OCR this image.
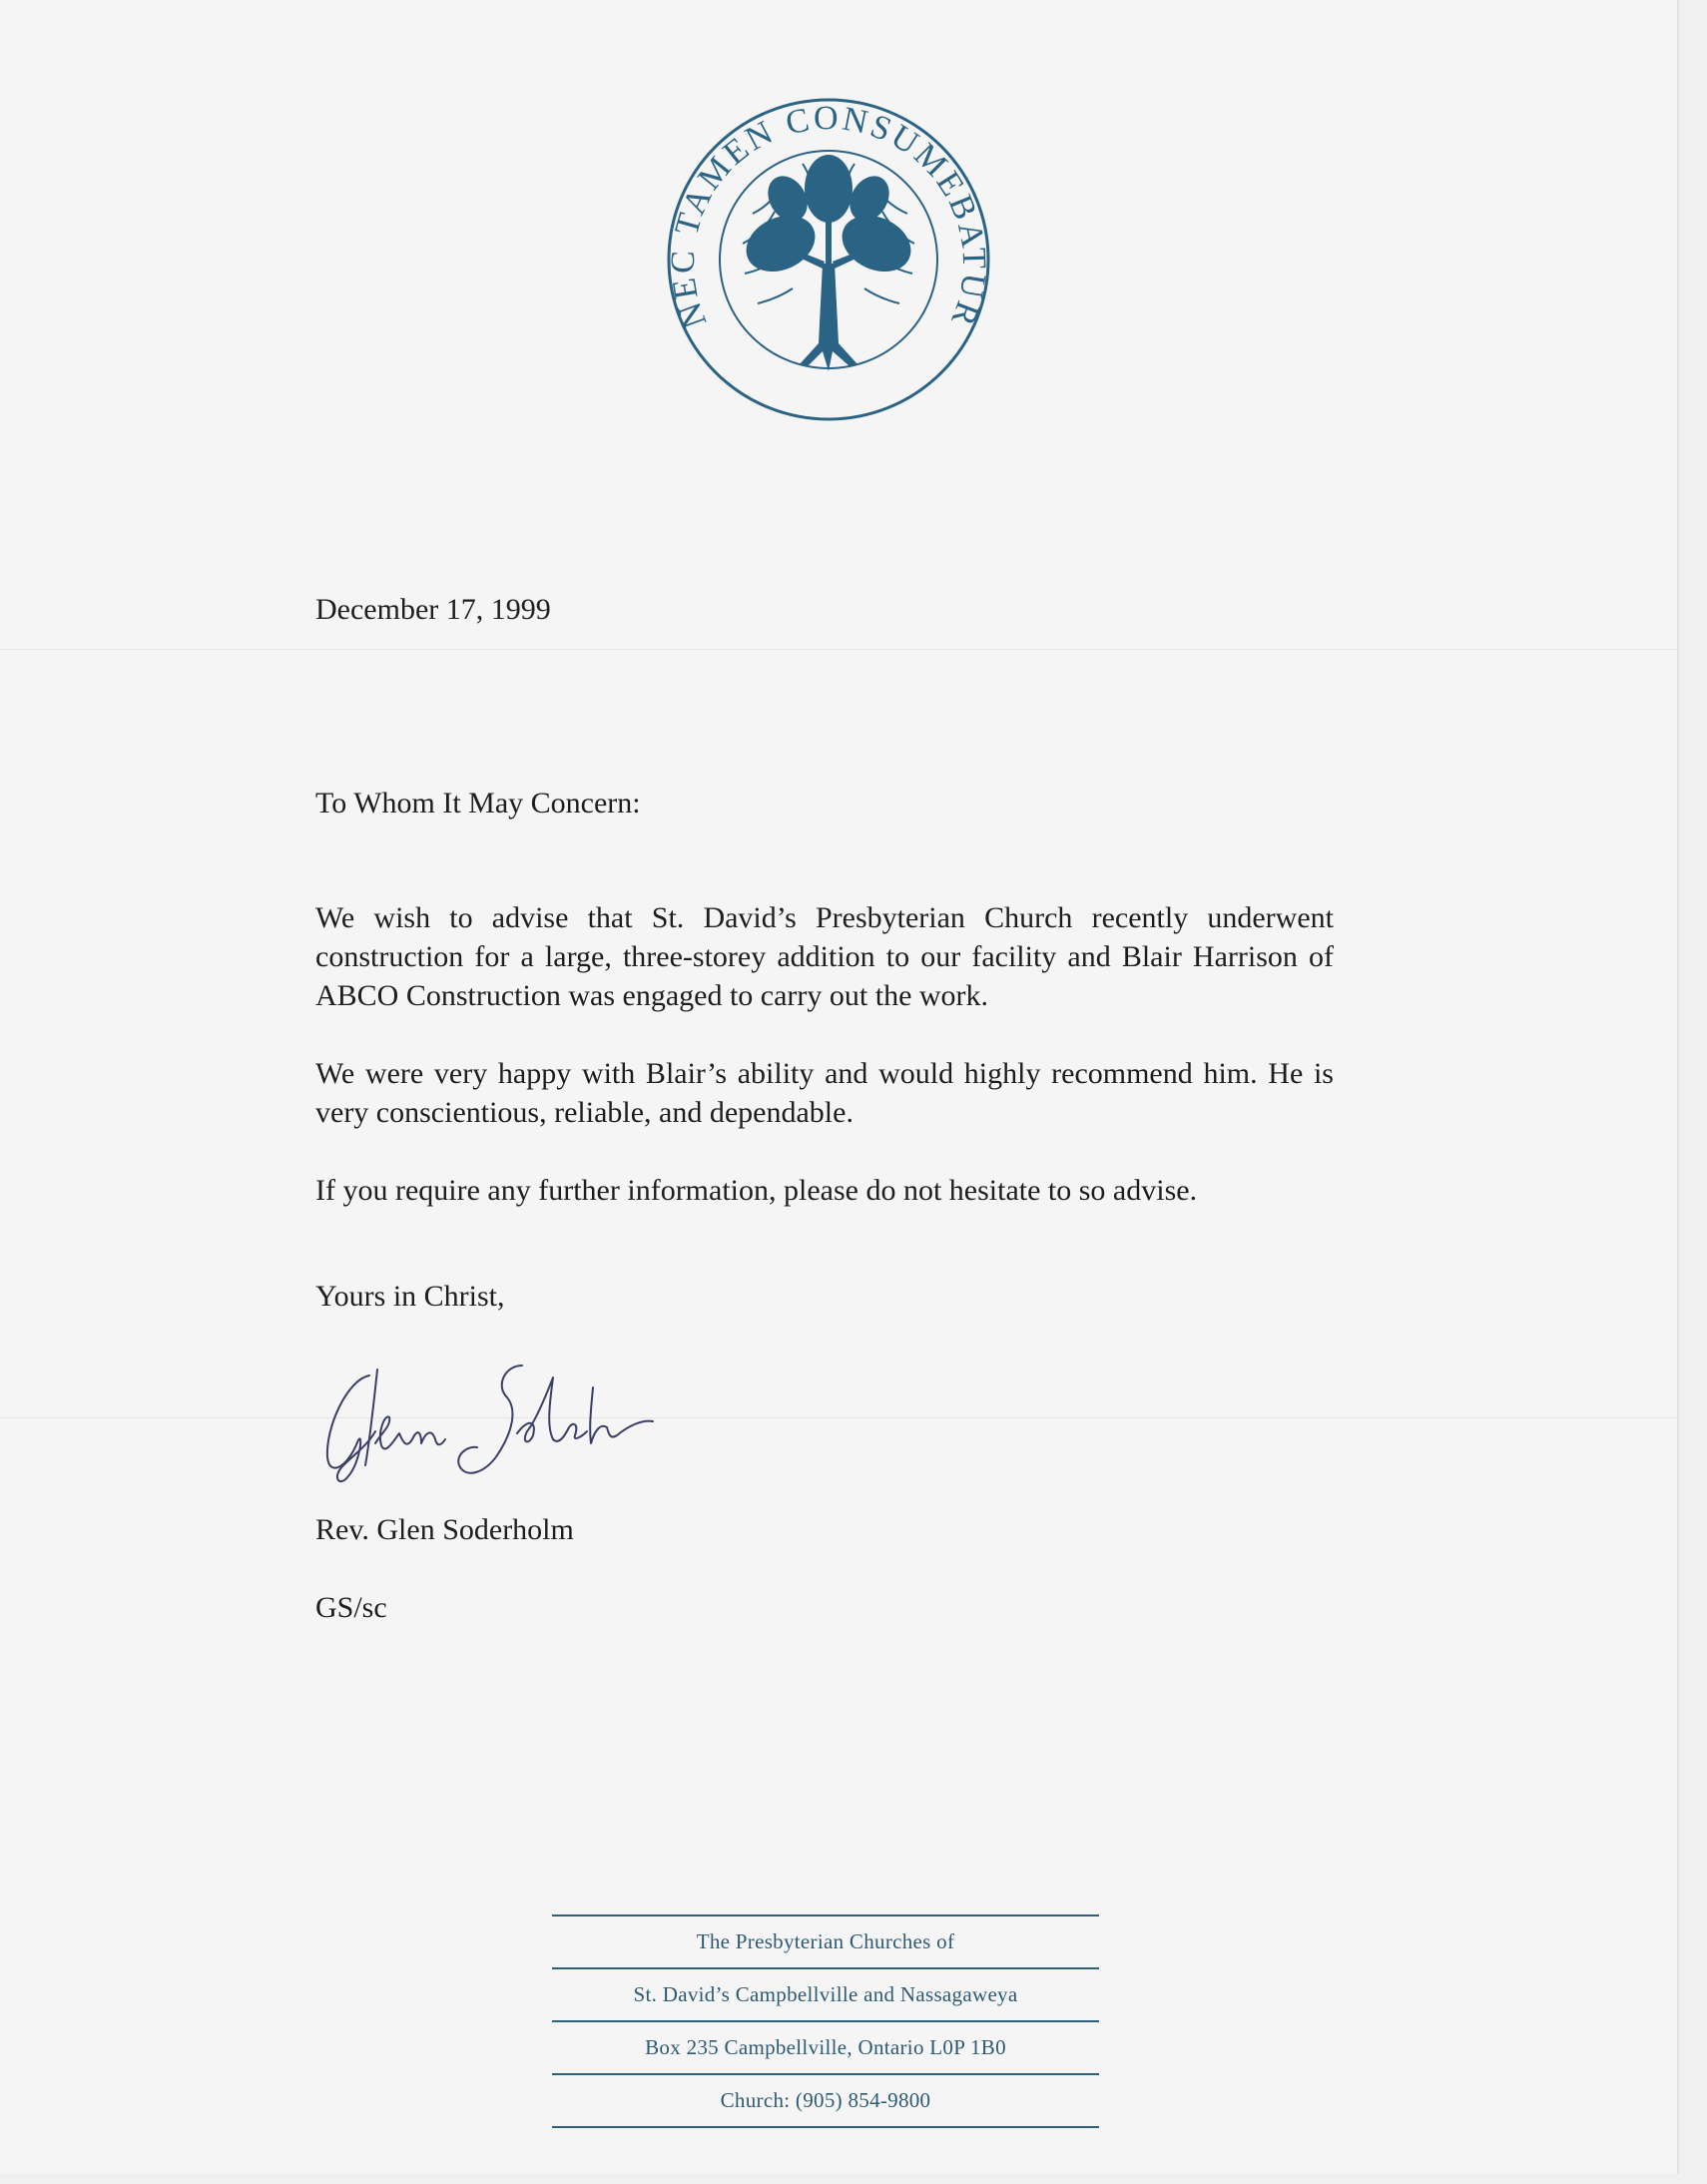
NEC TAMEN CONSUMEBATUR
December 17, 1999
To Whom It May Concern:

We wish to advise that St. David’s Presbyterian Church recently underwent construction for a large, three-storey addition to our facility and Blair Harrison of ABCO Construction was engaged to carry out the work.

We were very happy with Blair’s ability and would highly recommend him. He is very conscientious, reliable, and dependable.

If you require any further information, please do not hesitate to so advise.

Yours in Christ,
Glen Soderholm
Rev. Glen Soderholm
GS/sc
The Presbyterian Churches of
St. David’s Campbellville and Nassagaweya
Box 235 Campbellville, Ontario L0P 1B0
Church: (905) 854-9800
